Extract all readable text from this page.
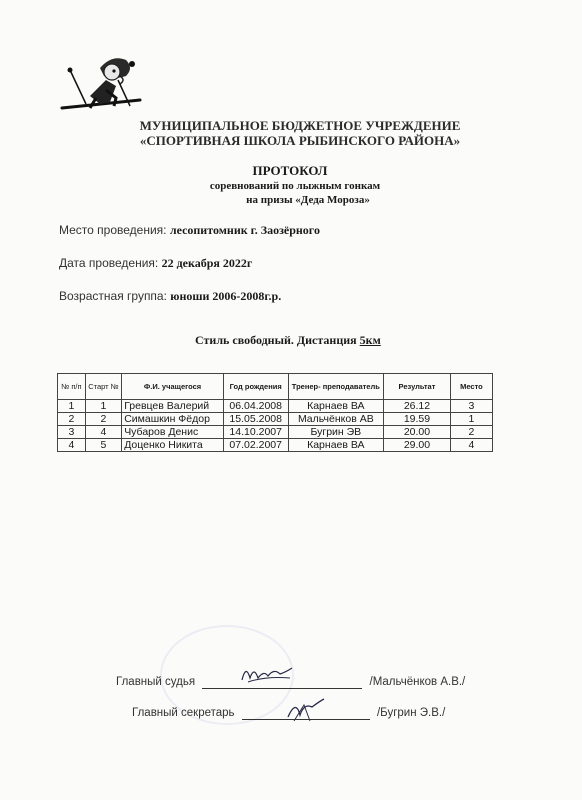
МУНИЦИПАЛЬНОЕ БЮДЖЕТНОЕ УЧРЕЖДЕНИЕ
«СПОРТИВНАЯ ШКОЛА РЫБИНСКОГО РАЙОНА»
ПРОТОКОЛ
соревнований по лыжным гонкам
на призы «Деда Мороза»
Место проведения: лесопитомник г. Заозёрного
Дата проведения: 22 декабря 2022г
Возрастная группа: юноши 2006-2008г.р.
Стиль свободный. Дистанция 5км
№ п/п	Старт №	Ф.И. учащегося	Год рождения	Тренер- преподаватель	Результат	Место
1	1	Гревцев Валерий	06.04.2008	Карнаев ВА	26.12	3
2	2	Симашкин Фёдор	15.05.2008	Мальчёнков АВ	19.59	1
3	4	Чубаров Денис	14.10.2007	Бугрин ЭВ	20.00	2
4	5	Доценко Никита	07.02.2007	Карнаев ВА	29.00	4
Главный судья	/Мальчёнков А.В./
Главный секретарь	/Бугрин Э.В./
